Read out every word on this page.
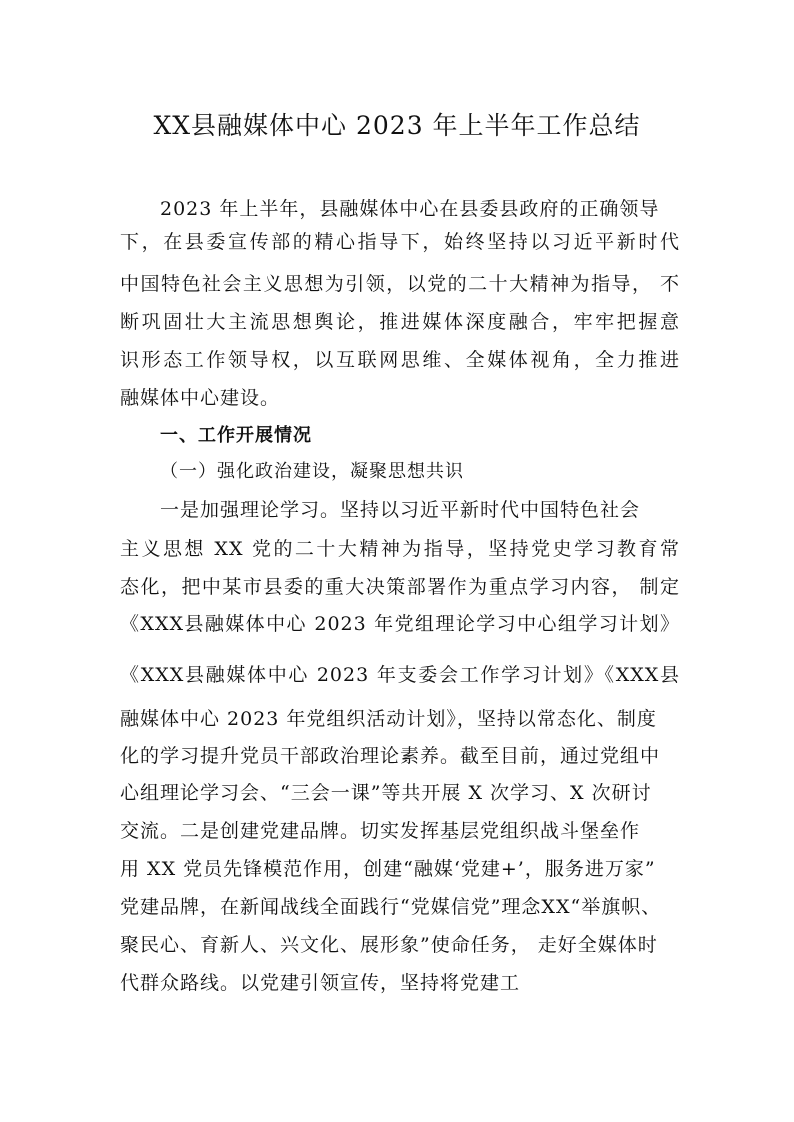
XX县融媒体中心 2023 年上半年工作总结
2023 年上半年，县融媒体中心在县委县政府的正确领导
下，在县委宣传部的精心指导下，始终坚持以习近平新时代
中国特色社会主义思想为引领，以党的二十大精神为指导， 不
断巩固壮大主流思想舆论，推进媒体深度融合，牢牢把握意
识形态工作领导权，以互联网思维、全媒体视角，全力推进
融媒体中心建设。
一、工作开展情况
（一）强化政治建设，凝聚思想共识
一是加强理论学习。坚持以习近平新时代中国特色社会
主义思想 XX 党的二十大精神为指导，坚持党史学习教育常
态化，把中某市县委的重大决策部署作为重点学习内容， 制定
《XXX县融媒体中心 2023 年党组理论学习中心组学习计划》
《XXX县融媒体中心 2023 年支委会工作学习计划》《XXX县
融媒体中心 2023 年党组织活动计划》，坚持以常态化、制度
化的学习提升党员干部政治理论素养。截至目前，通过党组中
心组理论学习会、“三会一课”等共开展 X 次学习、X 次研讨
交流。二是创建党建品牌。切实发挥基层党组织战斗堡垒作
用 XX 党员先锋模范作用，创建“融媒‘党建+’，服务进万家”
党建品牌，在新闻战线全面践行“党媒信党”理念XX“举旗帜、
聚民心、育新人、兴文化、展形象”使命任务， 走好全媒体时
代群众路线。以党建引领宣传，坚持将党建工
